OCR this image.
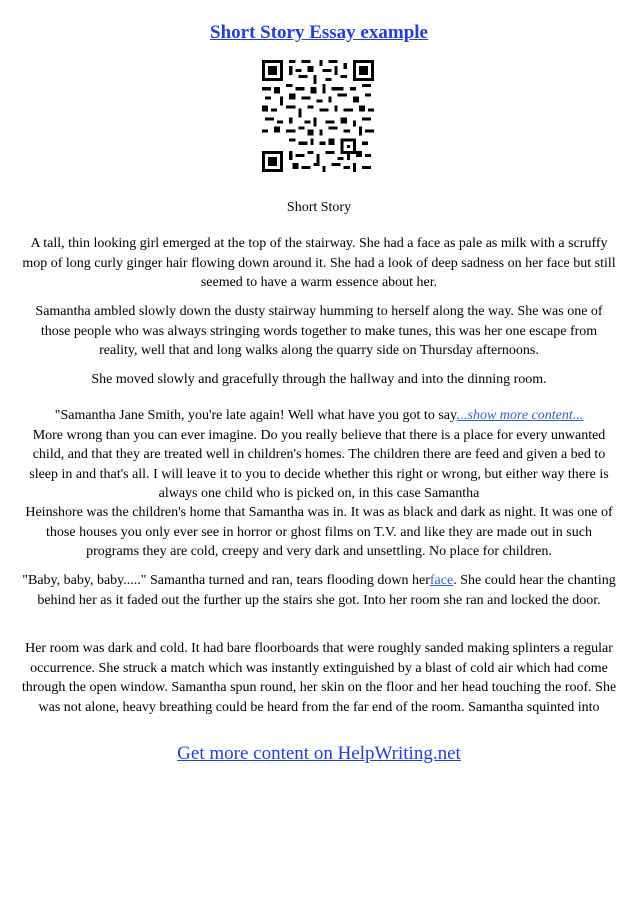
Short Story Essay example
Short Story
A tall, thin looking girl emerged at the top of the stairway. She had a face as pale as milk with a scruffy mop of long curly ginger hair flowing down around it. She had a look of deep sadness on her face but still seemed to have a warm essence about her.
Samantha ambled slowly down the dusty stairway humming to herself along the way. She was one of those people who was always stringing words together to make tunes, this was her one escape from reality, well that and long walks along the quarry side on Thursday afternoons.
She moved slowly and gracefully through the hallway and into the dinning room.
"Samantha Jane Smith, you're late again! Well what have you got to say...show more content...
More wrong than you can ever imagine. Do you really believe that there is a place for every unwanted child, and that they are treated well in children's homes. The children there are feed and given a bed to sleep in and that's all. I will leave it to you to decide whether this right or wrong, but either way there is always one child who is picked on, in this case Samantha
Heinshore was the children's home that Samantha was in. It was as black and dark as night. It was one of those houses you only ever see in horror or ghost films on T.V. and like they are made out in such programs they are cold, creepy and very dark and unsettling. No place for children.
"Baby, baby, baby....." Samantha turned and ran, tears flooding down herface. She could hear the chanting behind her as it faded out the further up the stairs she got. Into her room she ran and locked the door.
Her room was dark and cold. It had bare floorboards that were roughly sanded making splinters a regular occurrence. She struck a match which was instantly extinguished by a blast of cold air which had come through the open window. Samantha spun round, her skin on the floor and her head touching the roof. She was not alone, heavy breathing could be heard from the far end of the room. Samantha squinted into
Get more content on HelpWriting.net
